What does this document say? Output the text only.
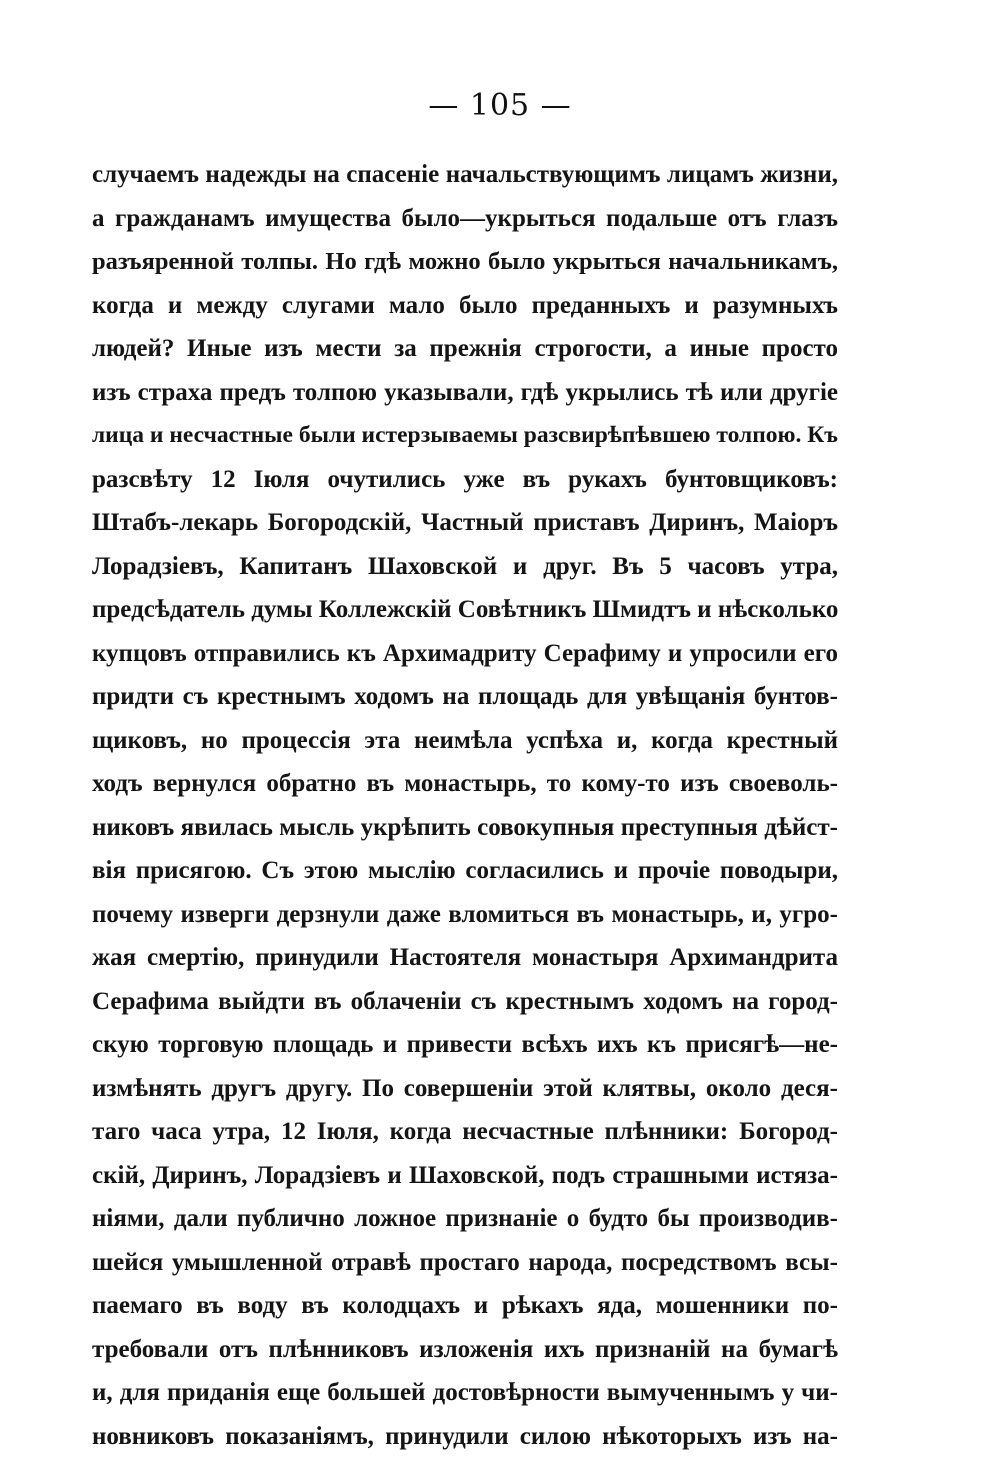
— 105 —
случаемъ надежды на спасеніе начальствующимъ лицамъ жизни,
а гражданамъ имущества было—укрыться подальше отъ глазъ
разъяренной толпы. Но гдѣ можно было укрыться начальникамъ,
когда и между слугами мало было преданныхъ и разумныхъ
людей? Иные изъ мести за прежнія строгости, а иные просто
изъ страха предъ толпою указывали, гдѣ укрылись тѣ или другіе
лица и несчастные были истерзываемы разсвирѣпѣвшею толпою. Къ
разсвѣту 12 Іюля очутились уже въ рукахъ бунтовщиковъ:
Штабъ-лекарь Богородскій, Частный приставъ Диринъ, Маіоръ
Лорадзіевъ, Капитанъ Шаховской и друг. Въ 5 часовъ утра,
предсѣдатель думы Коллежскій Совѣтникъ Шмидтъ и нѣсколько
купцовъ отправились къ Архимадриту Серафиму и упросили его
придти съ крестнымъ ходомъ на площадь для увѣщанія бунтов-
щиковъ, но процессія эта неимѣла успѣха и, когда крестный
ходъ вернулся обратно въ монастырь, то кому-то изъ своеволь-
никовъ явилась мысль укрѣпить совокупныя преступныя дѣйст-
вія присягою. Съ этою мыслію согласились и прочіе поводыри,
почему изверги дерзнули даже вломиться въ монастырь, и, угро-
жая смертію, принудили Настоятеля монастыря Архимандрита
Серафима выйдти въ облаченіи съ крестнымъ ходомъ на город-
скую торговую площадь и привести всѣхъ ихъ къ присягѣ—не-
измѣнять другъ другу. По совершеніи этой клятвы, около деся-
таго часа утра, 12 Іюля, когда несчастные плѣнники: Богород-
скій, Диринъ, Лорадзіевъ и Шаховской, подъ страшными истяза-
ніями, дали публично ложное признаніе о будто бы производив-
шейся умышленной отравѣ простаго народа, посредствомъ всы-
паемаго въ воду въ колодцахъ и рѣкахъ яда, мошенники по-
требовали отъ плѣнниковъ изложенія ихъ признаній на бумагѣ
и, для приданія еще большей достовѣрности вымученнымъ у чи-
новниковъ показаніямъ, принудили силою нѣкоторыхъ изъ на-
